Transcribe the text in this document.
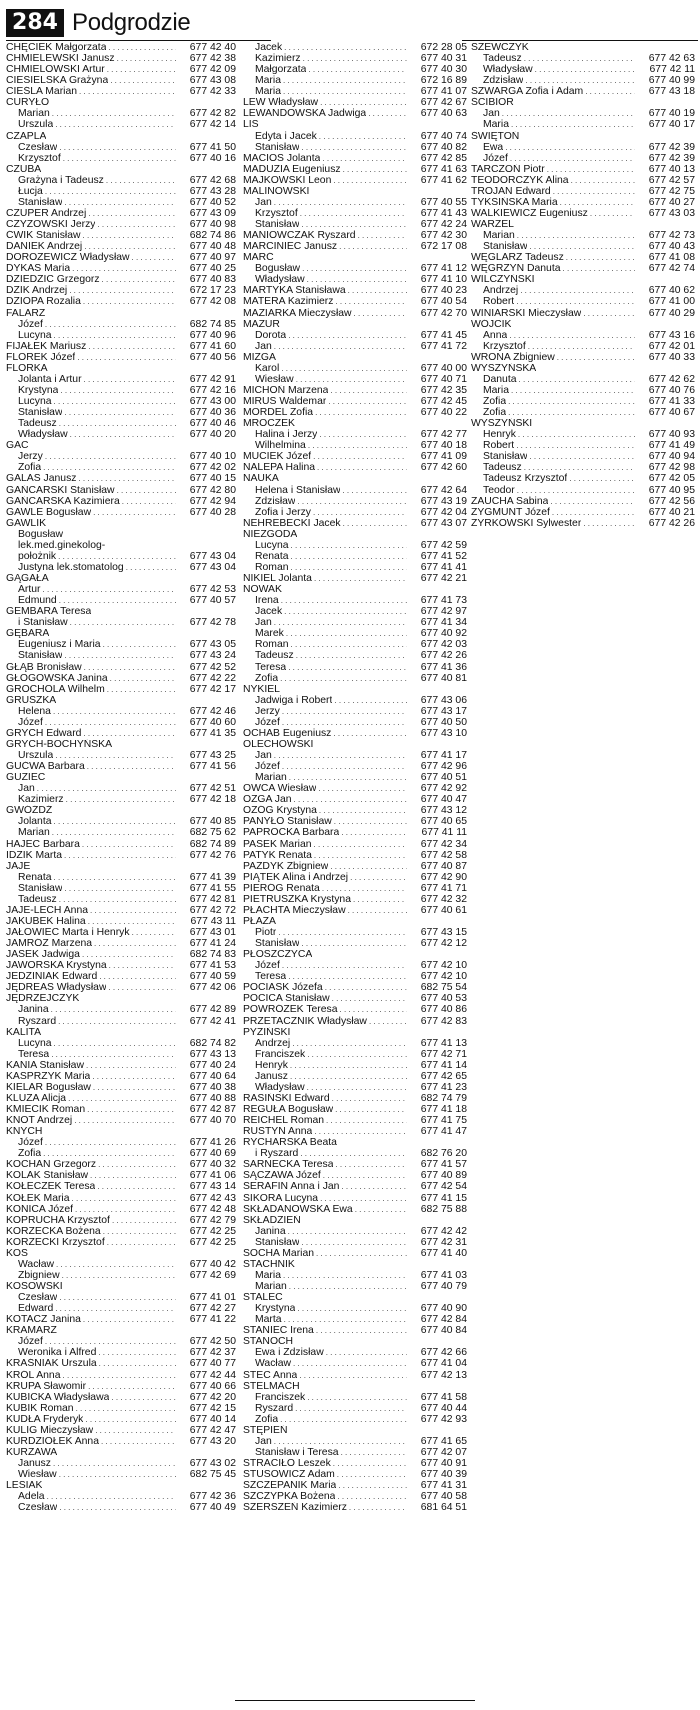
284 Podgrodzie
CHĘCIEK Małgorzata . . .	677 42 40
CHMIELEWSKI Janusz . . .	677 42 38
CHMIELOWSKI Artur . . .	677 42 09
CIESIELSKA Grażyna . . .	677 43 08
CIEŚLA Marian . . .	677 42 33
CURYŁO
Marian . . .	677 42 82
Urszula . . .	677 42 14
CZAPLA
Czesław . . .	677 41 50
Krzysztof . . .	677 40 16
CZUBA
Grażyna i Tadeusz . . .	677 42 68
Łucja . . .	677 43 28
Stanisław . . .	677 40 52
CZUPER Andrzej . . .	677 43 09
CZYŻOWSKI Jerzy . . .	677 40 98
ĆWIK Stanisław . . .	682 74 86
DANIEK Andrzej . . .	677 40 48
DOROŻEWICZ Władysław . . .	677 40 97
DYKAS Maria . . .	677 40 25
DZIEDZIC Grzegorz . . .	677 40 83
DZIK Andrzej . . .	672 17 23
DZIOPA Rozalia . . .	677 42 08
FALARZ
Józef . . .	682 74 85
Lucyna . . .	677 40 96
FIJAŁEK Mariusz . . .	677 41 60
FLOREK Józef . . .	677 40 56
FLORKA
Jolanta i Artur . . .	677 42 91
Krystyna . . .	677 42 16
Lucyna . . .	677 43 00
Stanisław . . .	677 40 36
Tadeusz . . .	677 40 46
Władysław . . .	677 40 20
GAC
Jerzy . . .	677 40 10
Zofia . . .	677 42 02
GALAS Janusz . . .	677 40 15
GAŃCARSKI Stanisław . . .	677 42 80
GAŃCARSKA Kazimiera . . .	677 42 94
GAWLE Bogusław . . .	677 40 28
GAWLIK
Bogusław
lek.med.ginekolog-
położnik . . .	677 43 04
Justyna lek.stomatolog . . .	677 43 04
GĄGAŁA
Artur . . .	677 42 53
Edmund . . .	677 40 57
GEMBARA Teresa
i Stanisław . . .	677 42 78
GĘBARA
Eugeniusz i Maria . . .	677 43 05
Stanisław . . .	677 43 24
GŁĄB Bronisław . . .	677 42 52
GŁOGOWSKA Janina . . .	677 42 22
GROCHOLA Wilhelm . . .	677 42 17
GRUSZKA
Helena . . .	677 42 46
Józef . . .	677 40 60
GRYCH Edward . . .	677 41 35
GRYCH-BOCHYŃSKA
Urszula . . .	677 43 25
GUĆWA Barbara . . .	677 41 56
GUZIEC
Jan . . .	677 42 51
Kazimierz . . .	677 42 18
GWÓŹDŹ
Jolanta . . .	677 40 85
Marian . . .	682 75 62
HAJEC Barbara . . .	682 74 89
IDZIK Marta . . .	677 42 76
JAJE
Renata . . .	677 41 39
Stanisław . . .	677 41 55
Tadeusz . . .	677 42 81
JAJE-LECH Anna . . .	677 42 72
JAKUBEK Halina . . .	677 43 11
JAŁOWIEC Marta i Henryk . . .	677 43 01
JAMRÓZ Marzena . . .	677 41 24
JASEK Jadwiga . . .	682 74 83
JAWORSKA Krystyna . . .	677 41 53
JEDZINIAK Edward . . .	677 40 59
JĘDREAS Władysław . . .	677 42 06
JĘDRZEJCZYK
Janina . . .	677 42 89
Ryszard . . .	677 42 41
KALITA
Lucyna . . .	682 74 82
Teresa . . .	677 43 13
KANIA Stanisław . . .	677 40 24
KASPRZYK Maria . . .	677 40 64
KIELAR Bogusław . . .	677 40 38
KLUZA Alicja . . .	677 40 88
KMIECIK Roman . . .	677 42 87
KNOT Andrzej . . .	677 40 70
KNYCH
Józef . . .	677 41 26
Zofia . . .	677 40 69
KOCHAN Grzegorz . . .	677 40 32
KOLAK Stanisław . . .	677 41 06
KOŁECZEK Teresa . . .	677 43 14
KOŁEK Maria . . .	677 42 43
KONICA Józef . . .	677 42 48
KOPRUCHA Krzysztof . . .	677 42 79
KORZECKA Bożena . . .	677 42 25
KORZECKI Krzysztof . . .	677 42 25
KOS
Wacław . . .	677 40 42
Zbigniew . . .	677 42 69
KOSOWSKI
Czesław . . .	677 41 01
Edward . . .	677 42 27
KOTACZ Janina . . .	677 41 22
KRAMARZ
Józef . . .	677 42 50
Weronika i Alfred . . .	677 42 37
KRAŚNIAK Urszula . . .	677 40 77
KRÓL Anna . . .	677 42 44
KRUPA Sławomir . . .	677 40 66
KUBICKA Władysława . . .	677 42 20
KUBIK Roman . . .	677 42 15
KUDŁA Fryderyk . . .	677 40 14
KULIG Mieczysław . . .	677 42 47
KURDZIOŁEK Anna . . .	677 43 20
KURZAWA
Janusz . . .	677 43 02
Wiesław . . .	682 75 45
LESIAK
Adela . . .	677 42 36
Czesław . . .	677 40 49
Jacek . . .	672 28 05
Kazimierz . . .	677 40 31
Małgorzata . . .	677 40 30
Maria . . .	672 16 89
Maria . . .	677 41 07
LEW Władysław . . .	677 42 67
LEWANDOWSKA Jadwiga . . .	677 40 63
LIS
Edyta i Jacek . . .	677 40 74
Stanisław . . .	677 40 82
MACIOS Jolanta . . .	677 42 85
MADUZIA Eugeniusz . . .	677 41 63
MAJKOWSKI Leon . . .	677 41 62
MALINOWSKI
Jan . . .	677 40 55
Krzysztof . . .	677 41 43
Stanisław . . .	677 42 24
MANIOWCZAK Ryszard . . .	677 42 30
MARCINIEC Janusz . . .	672 17 08
MARĆ
Bogusław . . .	677 41 12
Władysław . . .	677 41 10
MARTYKA Stanisława . . .	677 40 23
MATERA Kazimierz . . .	677 40 54
MAZIARKA Mieczysław . . .	677 42 70
MAZUR
Dorota . . .	677 41 45
Jan . . .	677 41 72
MIZGA
Karol . . .	677 40 00
Wiesław . . .	677 40 71
MICHOŃ Marzena . . .	677 42 35
MIRUS Waldemar . . .	677 42 45
MORDEL Zofia . . .	677 40 22
MROCZEK
Halina i Jerzy . . .	677 42 77
Wilhelmina . . .	677 40 18
MUCIEK Józef . . .	677 41 09
NALEPA Halina . . .	677 42 60
NAUKA
Helena i Stanisław . . .	677 42 64
Zdzisław . . .	677 43 19
Zofia i Jerzy . . .	677 42 04
NEHREBECKI Jacek . . .	677 43 07
NIEZGODA
Lucyna . . .	677 42 59
Renata . . .	677 41 52
Roman . . .	677 41 41
NIKIEL Jolanta . . .	677 42 21
NOWAK
Irena . . .	677 41 73
Jacek . . .	677 42 97
Jan . . .	677 41 34
Marek . . .	677 40 92
Roman . . .	677 42 03
Tadeusz . . .	677 42 26
Teresa . . .	677 41 36
Zofia . . .	677 40 81
NYKIEL
Jadwiga i Robert . . .	677 43 06
Jerzy . . .	677 43 17
Józef . . .	677 40 50
OCHAB Eugeniusz . . .	677 43 10
OLECHOWSKI
Jan . . .	677 41 17
Józef . . .	677 42 96
Marian . . .	677 40 51
OWCA Wiesław . . .	677 42 92
OZGA Jan . . .	677 40 47
OŻÓG Krystyna . . .	677 43 12
PANYŁO Stanisław . . .	677 40 65
PAPROCKA Barbara . . .	677 41 11
PASEK Marian . . .	677 42 34
PATYK Renata . . .	677 42 58
PAZDYK Zbigniew . . .	677 40 87
PIĄTEK Alina i Andrzej . . .	677 42 90
PIERÓG Renata . . .	677 41 71
PIETRUSZKA Krystyna . . .	677 42 32
PŁACHTA Mieczysław . . .	677 40 61
PŁAZA
Piotr . . .	677 43 15
Stanisław . . .	677 42 12
PŁOSZCZYCA
Józef . . .	677 42 10
Teresa . . .	677 42 10
POCIASK Józefa . . .	682 75 54
POCICA Stanisław . . .	677 40 53
POWRÓZEK Teresa . . .	677 40 86
PRZETACZNIK Władysław . . .	677 42 83
PYZIŃSKI
Andrzej . . .	677 41 13
Franciszek . . .	677 42 71
Henryk . . .	677 41 14
Janusz . . .	677 42 65
Władysław . . .	677 41 23
RASIŃSKI Edward . . .	682 74 79
REGUŁA Bogusław . . .	677 41 18
REICHEL Roman . . .	677 41 75
RUSTYN Anna . . .	677 41 47
RYCHARSKA Beata
i Ryszard . . .	682 76 20
SARNECKA Teresa . . .	677 41 57
SĄCZAWA Józef . . .	677 40 89
SERAFIN Anna i Jan . . .	677 42 54
SIKORA Lucyna . . .	677 41 15
SKŁADANOWSKA Ewa . . .	682 75 88
SKŁADZIEŃ
Janina . . .	677 42 42
Stanisław . . .	677 42 31
SOCHA Marian . . .	677 41 40
STACHNIK
Maria . . .	677 41 03
Marian . . .	677 40 79
STALEC
Krystyna . . .	677 40 90
Marta . . .	677 42 84
STANIEC Irena . . .	677 40 84
STANOCH
Ewa i Zdzisław . . .	677 42 66
Wacław . . .	677 41 04
STEC Anna . . .	677 42 13
STELMACH
Franciszek . . .	677 41 58
Ryszard . . .	677 40 44
Zofia . . .	677 42 93
STĘPIEŃ
Jan . . .	677 41 65
Stanisław i Teresa . . .	677 42 07
STRACIŁO Leszek . . .	677 40 91
STUSOWICZ Adam . . .	677 40 39
SZCZEPANIK Maria . . .	677 41 31
SZCZYPKA Bożena . . .	677 40 58
SZERSZEŃ Kazimierz . . .	681 64 51
SZEWCZYK
Tadeusz . . .	677 42 63
Władysław . . .	677 42 11
Zdzisław . . .	677 40 99
SZWARGA Zofia i Adam . . .	677 43 18
ŚCIBIOR
Jan . . .	677 40 19
Maria . . .	677 40 17
ŚWIĘTOŃ
Ewa . . .	677 42 39
Józef . . .	677 42 39
TARCZOŃ Piotr . . .	677 40 13
TEODORCZYK Alina . . .	677 42 57
TROJAN Edward . . .	677 42 75
TYKSIŃSKA Maria . . .	677 40 27
WALKIEWICZ Eugeniusz . . .	677 43 03
WARŻEL
Marian . . .	677 42 73
Stanisław . . .	677 40 43
WĘGLARZ Tadeusz . . .	677 41 08
WĘGRZYN Danuta . . .	677 42 74
WILCZYŃSKI
Andrzej . . .	677 40 62
Robert . . .	677 41 00
WINIARSKI Mieczysław . . .	677 40 29
WÓJCIK
Anna . . .	677 43 16
Krzysztof . . .	677 42 01
WRONA Zbigniew . . .	677 40 33
WYSZYŃSKA
Danuta . . .	677 42 62
Maria . . .	677 40 76
Zofia . . .	677 41 33
Zofia . . .	677 40 67
WYSZYŃSKI
Henryk . . .	677 40 93
Robert . . .	677 41 49
Stanisław . . .	677 40 94
Tadeusz . . .	677 42 98
Tadeusz Krzysztof . . .	677 42 05
Teodor . . .	677 40 95
ZAUCHA Sabina . . .	677 42 56
ZYGMUNT Józef . . .	677 40 21
ŻYRKOWSKI Sylwester . . .	677 42 26
